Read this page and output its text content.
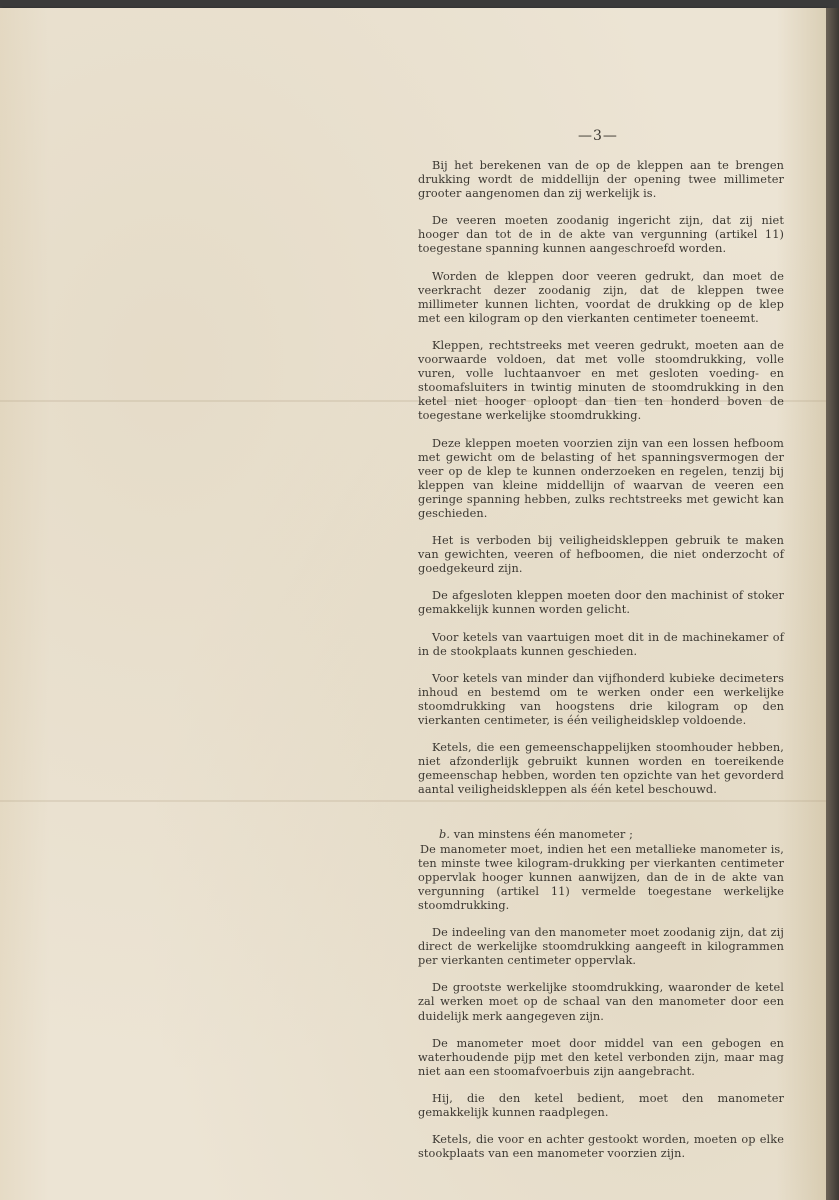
—3—

Bij het berekenen van de op de kleppen aan te brengen drukking wordt de middellijn der opening twee millimeter grooter aangenomen dan zij werkelijk is.

De veeren moeten zoodanig ingericht zijn, dat zij niet hooger dan tot de in de akte van vergunning (artikel 11) toegestane spanning kunnen aangeschroefd worden.

Worden de kleppen door veeren gedrukt, dan moet de veerkracht dezer zoodanig zijn, dat de kleppen twee millimeter kunnen lichten, voordat de drukking op de klep met een kilogram op den vierkanten centimeter toeneemt.

Kleppen, rechtstreeks met veeren gedrukt, moeten aan de voorwaarde voldoen, dat met volle stoomdrukking, volle vuren, volle luchtaanvoer en met gesloten voeding- en stoomafsluiters in twintig minuten de stoomdrukking in den ketel niet hooger oploopt dan tien ten honderd boven de toegestane werkelijke stoomdrukking.

Deze kleppen moeten voorzien zijn van een lossen hefboom met gewicht om de belasting of het spanningsvermogen der veer op de klep te kunnen onderzoeken en regelen, tenzij bij kleppen van kleine middellijn of waarvan de veeren een geringe spanning hebben, zulks rechtstreeks met gewicht kan geschieden.

Het is verboden bij veiligheidskleppen gebruik te maken van gewichten, veeren of hefboomen, die niet onderzocht of goedgekeurd zijn.

De afgesloten kleppen moeten door den machinist of stoker gemakkelijk kunnen worden gelicht.

Voor ketels van vaartuigen moet dit in de machinekamer of in de stookplaats kunnen geschieden.

Voor ketels van minder dan vijfhonderd kubieke decimeters inhoud en bestemd om te werken onder een werkelijke stoomdrukking van hoogstens drie kilogram op den vierkanten centimeter, is één veiligheidsklep voldoende.

Ketels, die een gemeenschappelijken stoomhouder hebben, niet afzonderlijk gebruikt kunnen worden en toereikende gemeenschap hebben, worden ten opzichte van het gevorderd aantal veiligheidskleppen als één ketel beschouwd.

b. van minstens één manometer ;

De manometer moet, indien het een metallieke manometer is, ten minste twee kilogram-drukking per vierkanten centimeter oppervlak hooger kunnen aanwijzen, dan de in de akte van vergunning (artikel 11) vermelde toegestane werkelijke stoomdrukking.

De indeeling van den manometer moet zoodanig zijn, dat zij direct de werkelijke stoomdrukking aangeeft in kilogrammen per vierkanten centimeter oppervlak.

De grootste werkelijke stoomdrukking, waaronder de ketel zal werken moet op de schaal van den manometer door een duidelijk merk aangegeven zijn.

De manometer moet door middel van een gebogen en waterhoudende pijp met den ketel verbonden zijn, maar mag niet aan een stoomafvoerbuis zijn aangebracht.

Hij, die den ketel bedient, moet den manometer gemakkelijk kunnen raadplegen.

Ketels, die voor en achter gestookt worden, moeten op elke stookplaats van een manometer voorzien zijn.
